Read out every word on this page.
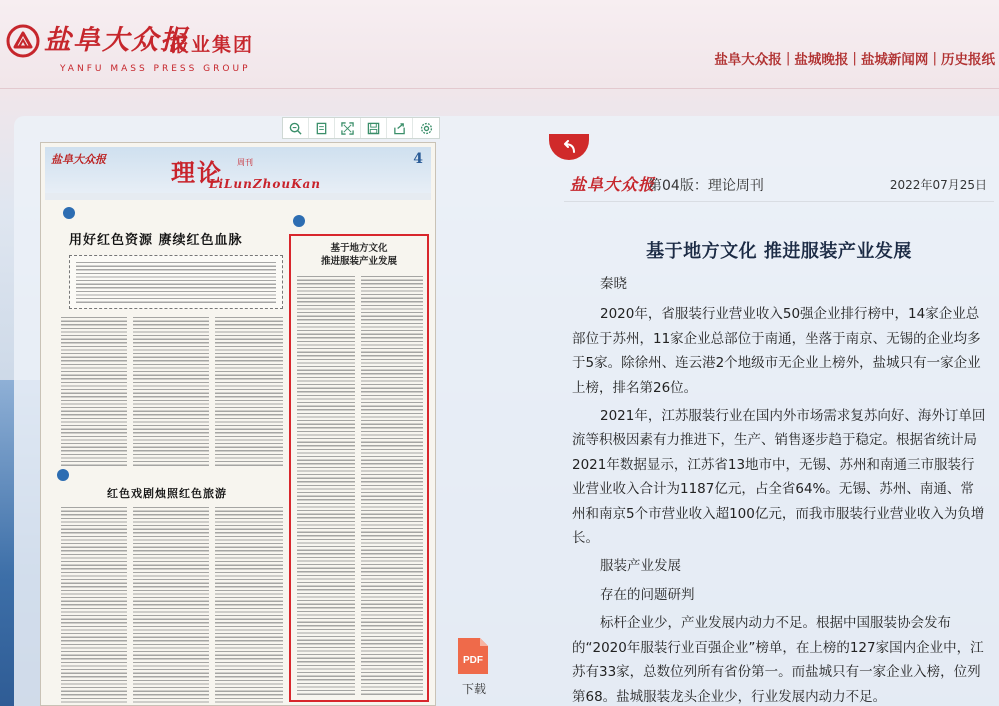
盐阜大众报
报业集团
YANFU MASS PRESS GROUP
盐阜大众报 | 盐城晚报 | 盐城新闻网 | 历史报纸
盐阜大众报	理论 周刊
LiLunZhouKan
4
用好红色资源 赓续红色血脉
红色戏剧烛照红色旅游
基于地方文化
推进服装产业发展
盐阜大众报
第04版：理论周刊	2022年07月25日
基于地方文化 推进服装产业发展

秦晓

2020年，省服装行业营业收入50强企业排行榜中，14家企业总部位于苏州，11家企业总部位于南通，坐落于南京、无锡的企业均多于5家。除徐州、连云港2个地级市无企业上榜外，盐城只有一家企业上榜，排名第26位。

2021年，江苏服装行业在国内外市场需求复苏向好、海外订单回流等积极因素有力推进下，生产、销售逐步趋于稳定。根据省统计局2021年数据显示，江苏省13地市中，无锡、苏州和南通三市服装行业营业收入合计为1187亿元，占全省64%。无锡、苏州、南通、常州和南京5个市营业收入超100亿元，而我市服装行业营业收入为负增长。

服装产业发展

存在的问题研判

标杆企业少，产业发展内动力不足。根据中国服装协会发布的“2020年服装行业百强企业”榜单，在上榜的127家国内企业中，江苏有33家，总数位列所有省份第一。而盐城只有一家企业入榜，位列第68。盐城服装龙头企业少，行业发展内动力不足。

PDF
下载
